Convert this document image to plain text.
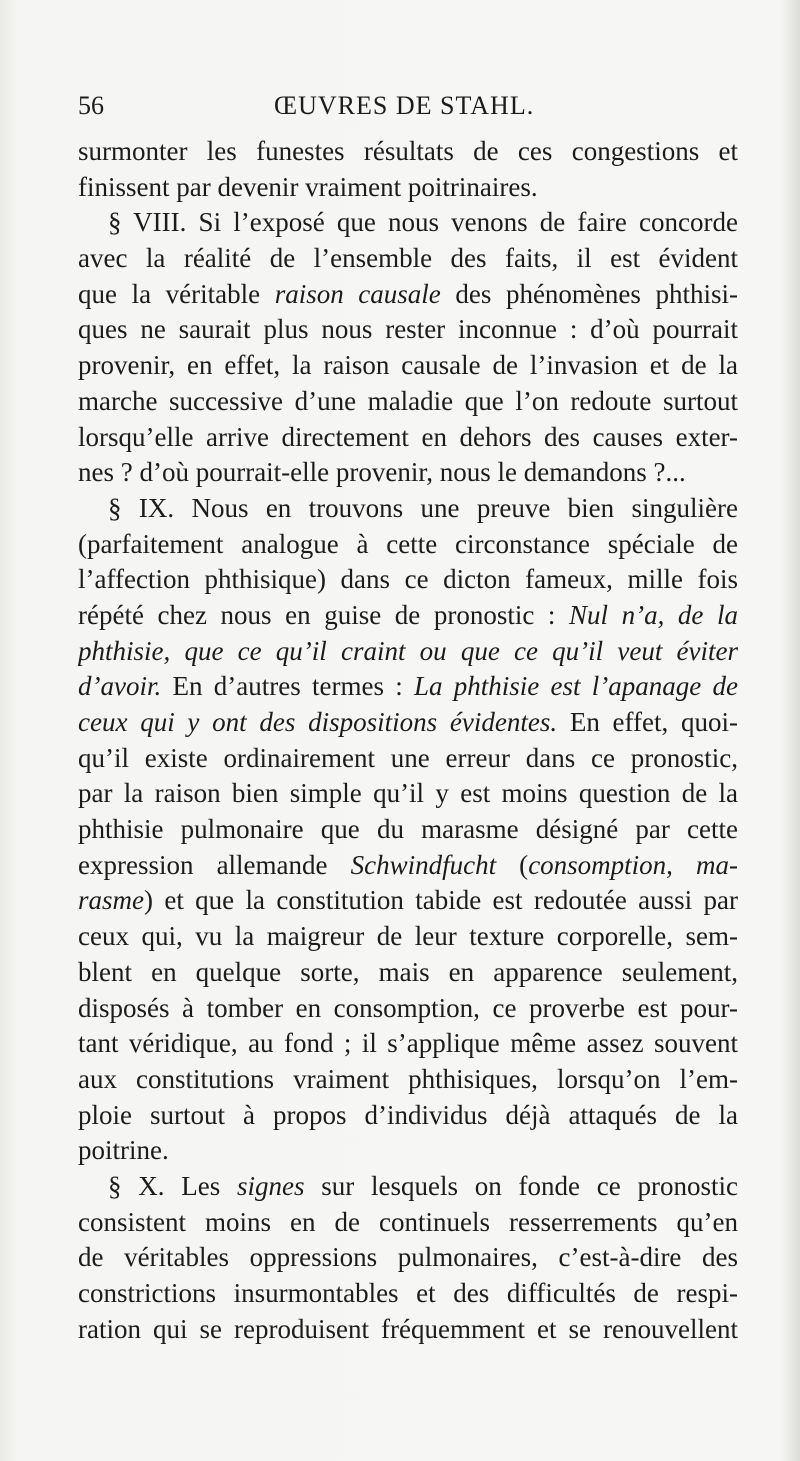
56	ŒUVRES DE STAHL.
surmonter les funestes résultats de ces congestions et
finissent par devenir vraiment poitrinaires.
§ VIII. Si l’exposé que nous venons de faire concorde
avec la réalité de l’ensemble des faits, il est évident
que la véritable raison causale des phénomènes phthisi-
ques ne saurait plus nous rester inconnue : d’où pourrait
provenir, en effet, la raison causale de l’invasion et de la
marche successive d’une maladie que l’on redoute surtout
lorsqu’elle arrive directement en dehors des causes exter-
nes ? d’où pourrait-elle provenir, nous le demandons ?...
§ IX. Nous en trouvons une preuve bien singulière
(parfaitement analogue à cette circonstance spéciale de
l’affection phthisique) dans ce dicton fameux, mille fois
répété chez nous en guise de pronostic : Nul n’a, de la
phthisie, que ce qu’il craint ou que ce qu’il veut éviter
d’avoir. En d’autres termes : La phthisie est l’apanage de
ceux qui y ont des dispositions évidentes. En effet, quoi-
qu’il existe ordinairement une erreur dans ce pronostic,
par la raison bien simple qu’il y est moins question de la
phthisie pulmonaire que du marasme désigné par cette
expression allemande Schwindfucht (consomption, ma-
rasme) et que la constitution tabide est redoutée aussi par
ceux qui, vu la maigreur de leur texture corporelle, sem-
blent en quelque sorte, mais en apparence seulement,
disposés à tomber en consomption, ce proverbe est pour-
tant véridique, au fond ; il s’applique même assez souvent
aux constitutions vraiment phthisiques, lorsqu’on l’em-
ploie surtout à propos d’individus déjà attaqués de la
poitrine.
§ X. Les signes sur lesquels on fonde ce pronostic
consistent moins en de continuels resserrements qu’en
de véritables oppressions pulmonaires, c’est-à-dire des
constrictions insurmontables et des difficultés de respi-
ration qui se reproduisent fréquemment et se renouvellent
